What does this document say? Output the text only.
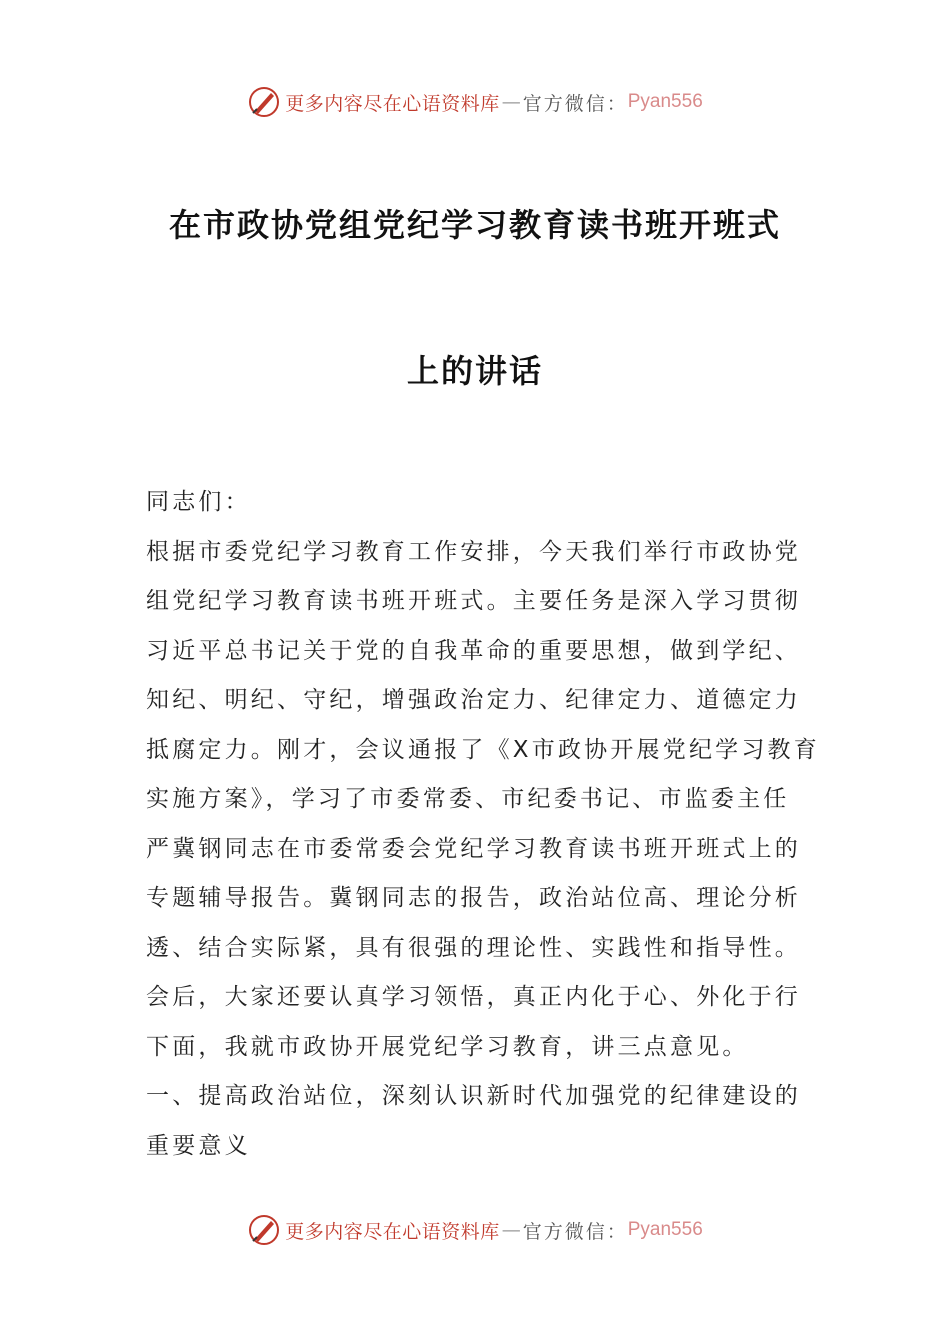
更多内容尽在心语资料库 — 官方微信： Pyan556
在市政协党组党纪学习教育读书班开班式
上的讲话
同志们：
根据市委党纪学习教育工作安排，今天我们举行市政协党
组党纪学习教育读书班开班式。主要任务是深入学习贯彻
习近平总书记关于党的自我革命的重要思想，做到学纪、
知纪、明纪、守纪，增强政治定力、纪律定力、道德定力
抵腐定力。刚才，会议通报了《X市政协开展党纪学习教育
实施方案》，学习了市委常委、市纪委书记、市监委主任
严冀钢同志在市委常委会党纪学习教育读书班开班式上的
专题辅导报告。冀钢同志的报告，政治站位高、理论分析
透、结合实际紧，具有很强的理论性、实践性和指导性。
会后，大家还要认真学习领悟，真正内化于心、外化于行
下面，我就市政协开展党纪学习教育，讲三点意见。
一、提高政治站位，深刻认识新时代加强党的纪律建设的
重要意义
更多内容尽在心语资料库 — 官方微信： Pyan556
